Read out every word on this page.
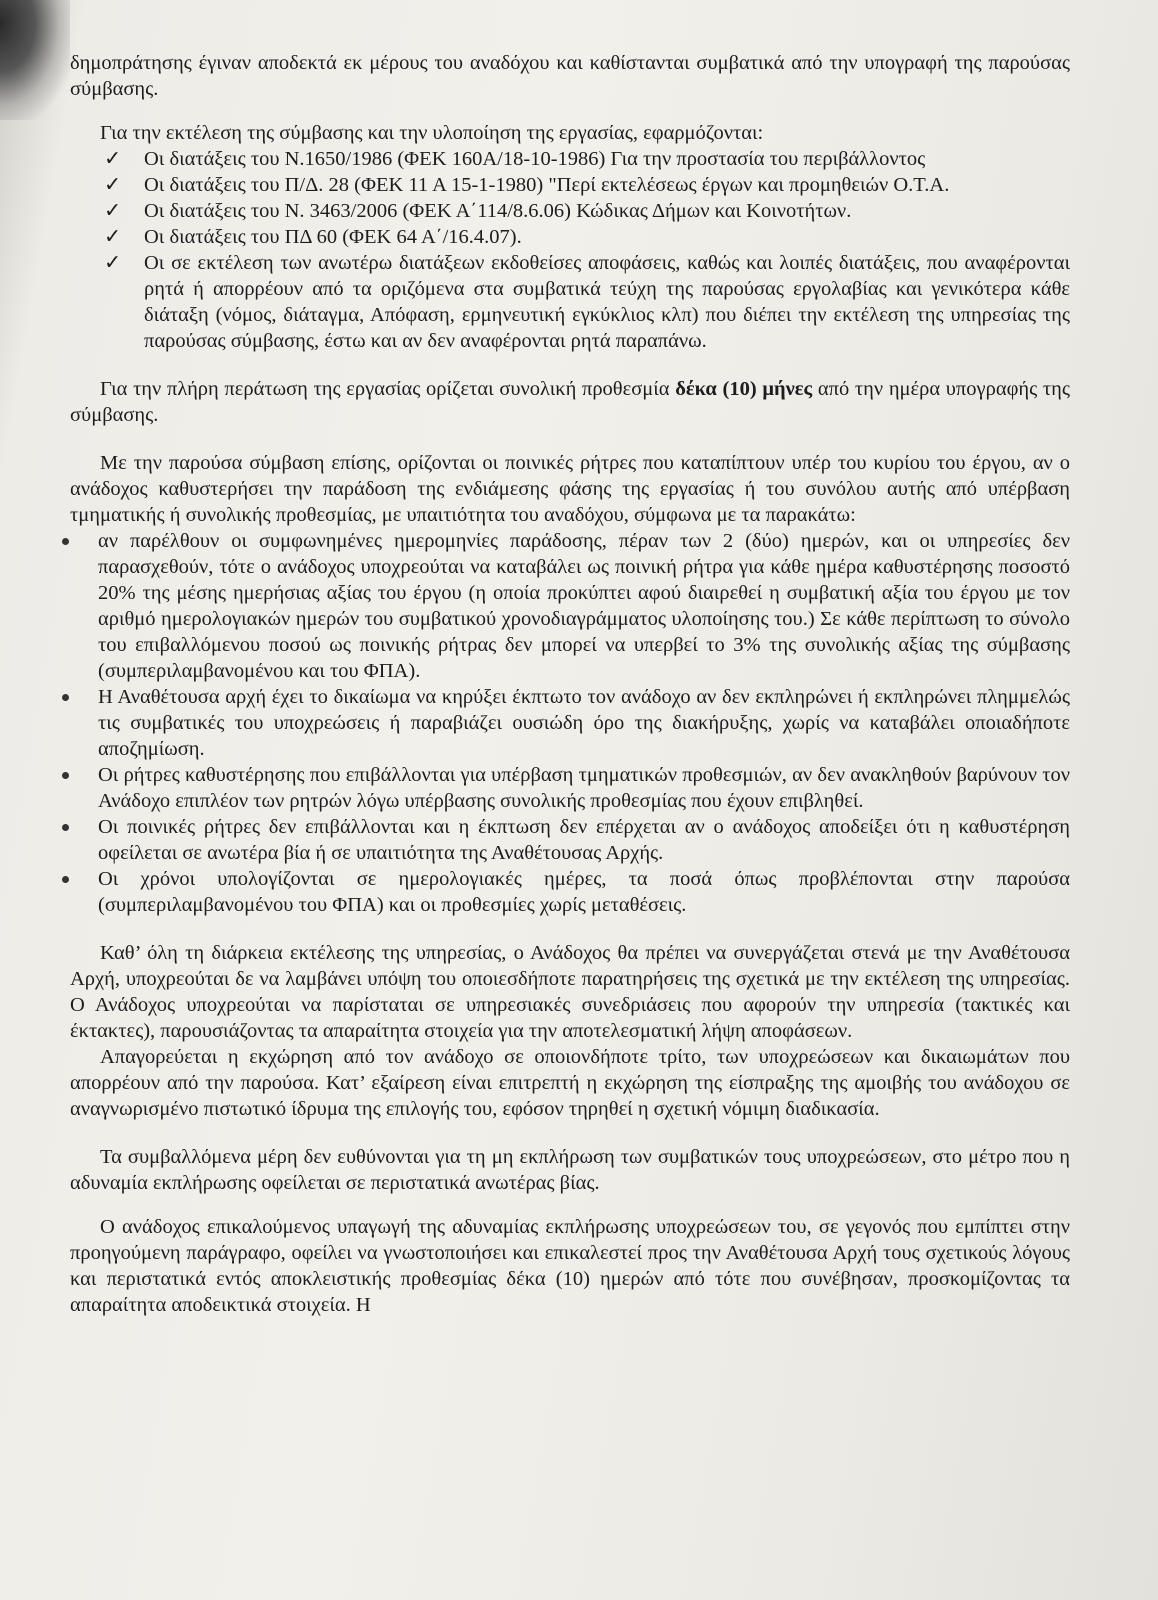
δημοπράτησης έγιναν αποδεκτά εκ μέρους του αναδόχου και καθίστανται συμβατικά από την υπογραφή της παρούσας σύμβασης.

Για την εκτέλεση της σύμβασης και την υλοποίηση της εργασίας, εφαρμόζονται:

✓ Οι διατάξεις του Ν.1650/1986 (ΦΕΚ 160Α/18-10-1986) Για την προστασία του περιβάλλοντος
✓ Οι διατάξεις του Π/Δ. 28 (ΦΕΚ 11 Α 15-1-1980) "Περί εκτελέσεως έργων και προμηθειών Ο.Τ.Α.
✓ Οι διατάξεις του Ν. 3463/2006 (ΦΕΚ Α΄114/8.6.06) Κώδικας Δήμων και Κοινοτήτων.
✓ Οι διατάξεις του ΠΔ 60 (ΦΕΚ 64 Α΄/16.4.07).
✓ Οι σε εκτέλεση των ανωτέρω διατάξεων εκδοθείσες αποφάσεις, καθώς και λοιπές διατάξεις, που αναφέρονται ρητά ή απορρέουν από τα οριζόμενα στα συμβατικά τεύχη της παρούσας εργολαβίας και γενικότερα κάθε διάταξη (νόμος, διάταγμα, Απόφαση, ερμηνευτική εγκύκλιος κλπ) που διέπει την εκτέλεση της υπηρεσίας της παρούσας σύμβασης, έστω και αν δεν αναφέρονται ρητά παραπάνω.

Για την πλήρη περάτωση της εργασίας ορίζεται συνολική προθεσμία δέκα (10) μήνες από την ημέρα υπογραφής της σύμβασης.

Με την παρούσα σύμβαση επίσης, ορίζονται οι ποινικές ρήτρες που καταπίπτουν υπέρ του κυρίου του έργου, αν ο ανάδοχος καθυστερήσει την παράδοση της ενδιάμεσης φάσης της εργασίας ή του συνόλου αυτής από υπέρβαση τμηματικής ή συνολικής προθεσμίας, με υπαιτιότητα του αναδόχου, σύμφωνα με τα παρακάτω:

αν παρέλθουν οι συμφωνημένες ημερομηνίες παράδοσης, πέραν των 2 (δύο) ημερών, και οι υπηρεσίες δεν παρασχεθούν, τότε ο ανάδοχος υποχρεούται να καταβάλει ως ποινική ρήτρα για κάθε ημέρα καθυστέρησης ποσοστό 20% της μέσης ημερήσιας αξίας του έργου (η οποία προκύπτει αφού διαιρεθεί η συμβατική αξία του έργου με τον αριθμό ημερολογιακών ημερών του συμβατικού χρονοδιαγράμματος υλοποίησης του.) Σε κάθε περίπτωση το σύνολο του επιβαλλόμενου ποσού ως ποινικής ρήτρας δεν μπορεί να υπερβεί το 3% της συνολικής αξίας της σύμβασης (συμπεριλαμβανομένου και του ΦΠΑ).
Η Αναθέτουσα αρχή έχει το δικαίωμα να κηρύξει έκπτωτο τον ανάδοχο αν δεν εκπληρώνει ή εκπληρώνει πλημμελώς τις συμβατικές του υποχρεώσεις ή παραβιάζει ουσιώδη όρο της διακήρυξης, χωρίς να καταβάλει οποιαδήποτε αποζημίωση.
Οι ρήτρες καθυστέρησης που επιβάλλονται για υπέρβαση τμηματικών προθεσμιών, αν δεν ανακληθούν βαρύνουν τον Ανάδοχο επιπλέον των ρητρών λόγω υπέρβασης συνολικής προθεσμίας που έχουν επιβληθεί.
Οι ποινικές ρήτρες δεν επιβάλλονται και η έκπτωση δεν επέρχεται αν ο ανάδοχος αποδείξει ότι η καθυστέρηση οφείλεται σε ανωτέρα βία ή σε υπαιτιότητα της Αναθέτουσας Αρχής.
Οι χρόνοι υπολογίζονται σε ημερολογιακές ημέρες, τα ποσά όπως προβλέπονται στην παρούσα (συμπεριλαμβανομένου του ΦΠΑ) και οι προθεσμίες χωρίς μεταθέσεις.

Καθ’ όλη τη διάρκεια εκτέλεσης της υπηρεσίας, ο Ανάδοχος θα πρέπει να συνεργάζεται στενά με την Αναθέτουσα Αρχή, υποχρεούται δε να λαμβάνει υπόψη του οποιεσδήποτε παρατηρήσεις της σχετικά με την εκτέλεση της υπηρεσίας. Ο Ανάδοχος υποχρεούται να παρίσταται σε υπηρεσιακές συνεδριάσεις που αφορούν την υπηρεσία (τακτικές και έκτακτες), παρουσιάζοντας τα απαραίτητα στοιχεία για την αποτελεσματική λήψη αποφάσεων.

Απαγορεύεται η εκχώρηση από τον ανάδοχο σε οποιονδήποτε τρίτο, των υποχρεώσεων και δικαιωμάτων που απορρέουν από την παρούσα. Κατ’ εξαίρεση είναι επιτρεπτή η εκχώρηση της είσπραξης της αμοιβής του ανάδοχου σε αναγνωρισμένο πιστωτικό ίδρυμα της επιλογής του, εφόσον τηρηθεί η σχετική νόμιμη διαδικασία.

Τα συμβαλλόμενα μέρη δεν ευθύνονται για τη μη εκπλήρωση των συμβατικών τους υποχρεώσεων, στο μέτρο που η αδυναμία εκπλήρωσης οφείλεται σε περιστατικά ανωτέρας βίας.

Ο ανάδοχος επικαλούμενος υπαγωγή της αδυναμίας εκπλήρωσης υποχρεώσεων του, σε γεγονός που εμπίπτει στην προηγούμενη παράγραφο, οφείλει να γνωστοποιήσει και επικαλεστεί προς την Αναθέτουσα Αρχή τους σχετικούς λόγους και περιστατικά εντός αποκλειστικής προθεσμίας δέκα (10) ημερών από τότε που συνέβησαν, προσκομίζοντας τα απαραίτητα αποδεικτικά στοιχεία. Η
